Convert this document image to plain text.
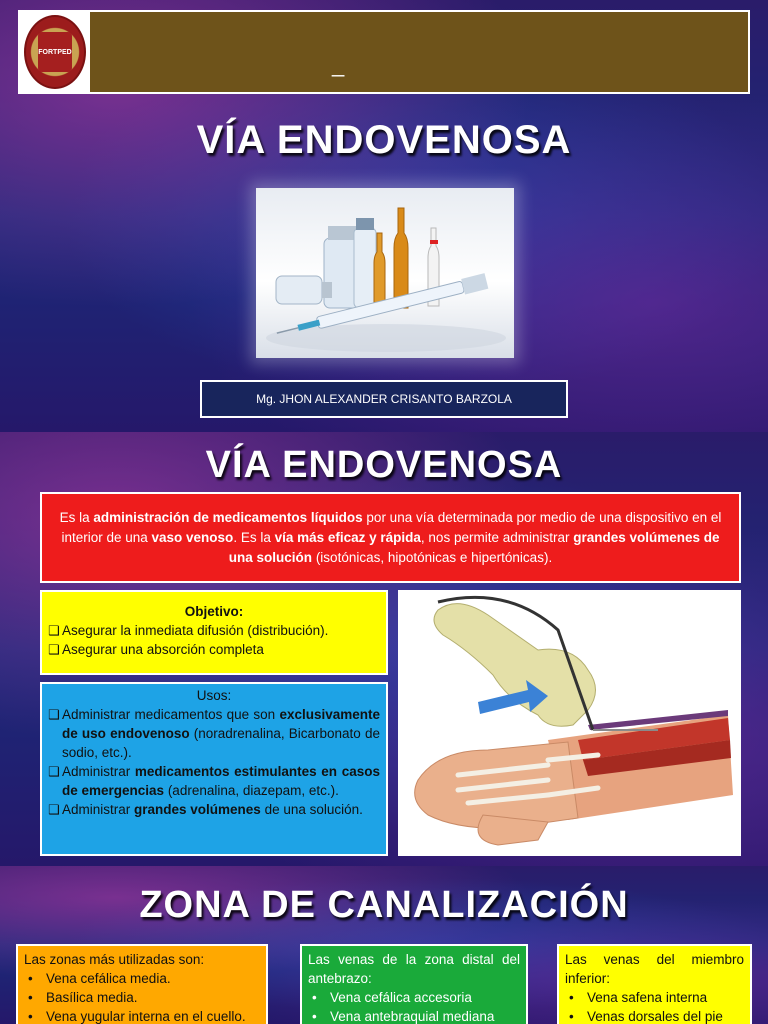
FORTPED	_
VÍA ENDOVENOSA
Mg. JHON ALEXANDER CRISANTO BARZOLA
VÍA ENDOVENOSA
Es la administración de medicamentos líquidos por una vía determinada por medio de una dispositivo en el interior de una vaso venoso. Es la vía más eficaz y rápida, nos permite administrar grandes volúmenes de una solución (isotónicas, hipotónicas e hipertónicas).
Objetivo:
❑ Asegurar la inmediata difusión (distribución).
❑ Asegurar una absorción completa
Usos:
❑ Administrar medicamentos que son exclusivamente de uso endovenoso (noradrenalina, Bicarbonato de sodio, etc.).
❑ Administrar medicamentos estimulantes en casos de emergencias (adrenalina, diazepam, etc.).
❑ Administrar grandes volúmenes de una solución.
ZONA DE CANALIZACIÓN
Las zonas más utilizadas son:
• Vena cefálica media.
• Basílica media.
• Vena yugular interna en el cuello.
Las venas de la zona distal del antebrazo:
• Vena cefálica accesoria
• Vena antebraquial mediana
Las venas del miembro inferior:
• Vena safena interna
• Venas dorsales del pie
